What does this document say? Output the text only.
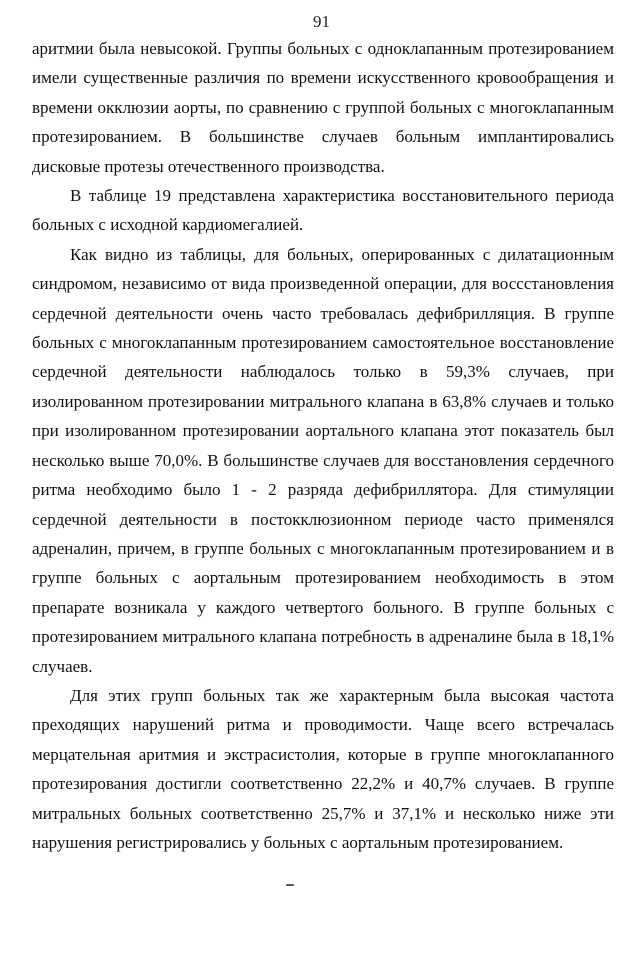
91

аритмии была невысокой. Группы больных с одноклапанным протезированием имели существенные различия по времени искусственного кровообращения и времени окклюзии аорты, по сравнению с группой больных с многоклапанным протезированием. В большинстве случаев больным имплантировались дисковые протезы отечественного производства.

В таблице 19 представлена характеристика восстановительного периода больных с исходной кардиомегалией.

Как видно из таблицы, для больных, оперированных с дилатационным синдромом, независимо от вида произведенной операции, для восcстановления сердечной деятельности очень часто требовалась дефибрилляция. В группе больных с многоклапанным протезированием самостоятельное восстановление сердечной деятельности наблюдалось только в 59,3% случаев, при изолированном протезировании митрального клапана в 63,8% случаев и только при изолированном протезировании аортального клапана этот показатель был несколько выше 70,0%. В большинстве случаев для восстановления сердечного ритма необходимо было 1 - 2 разряда дефибриллятора. Для стимуляции сердечной деятельности в постокклюзионном периоде часто применялся адреналин, причем, в группе больных с многоклапанным протезированием и в группе больных с аортальным протезированием необходимость в этом препарате возникала у каждого четвертого больного. В группе больных с протезированием митрального клапана потребность в адреналине была в 18,1% случаев.

Для этих групп больных так же характерным была высокая частота преходящих нарушений ритма и проводимости. Чаще всего встречалась мерцательная аритмия и экстрасистолия, которые в группе многоклапанного протезирования достигли соответственно 22,2% и 40,7% случаев. В группе митральных больных соответственно 25,7% и 37,1% и несколько ниже эти нарушения регистрировались у больных с аортальным протезированием.
